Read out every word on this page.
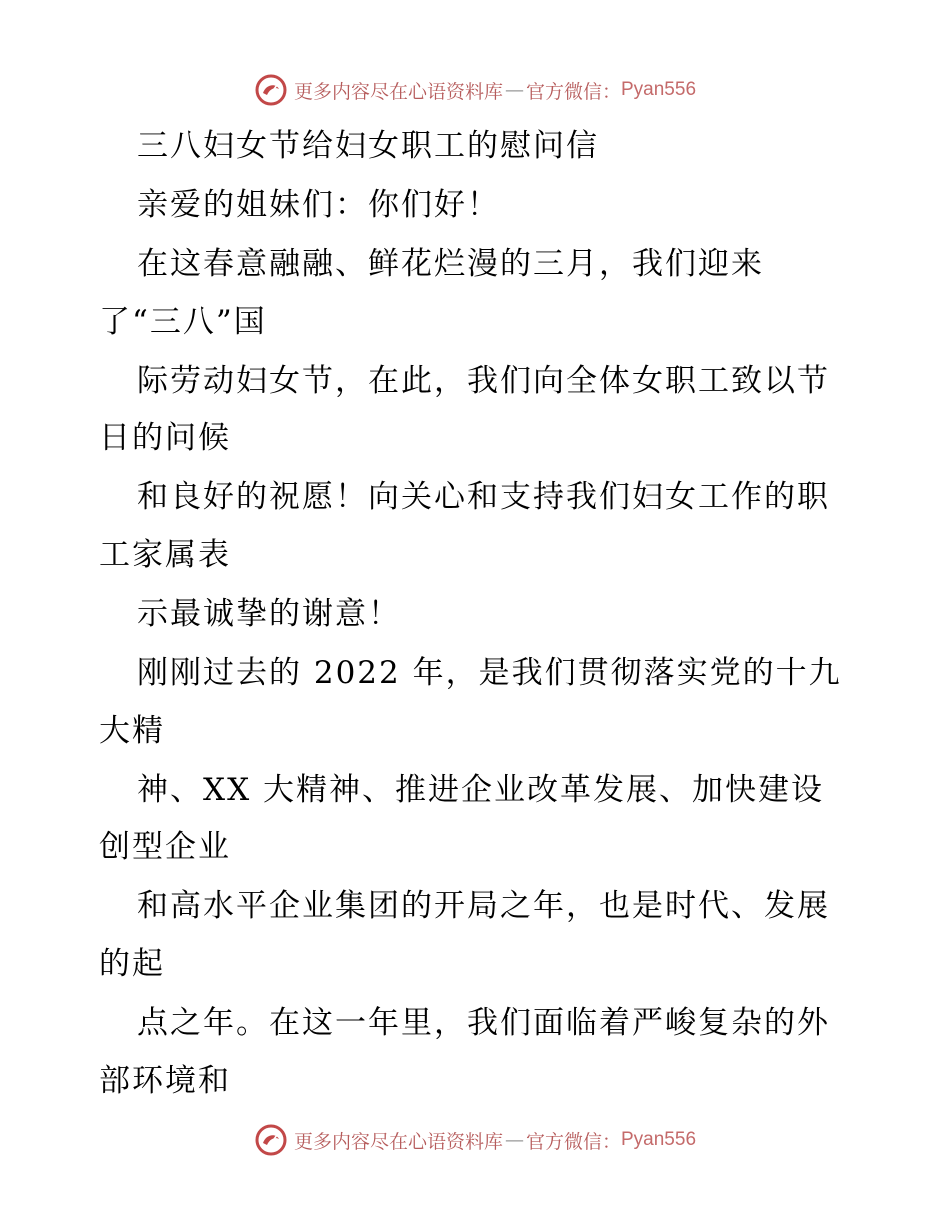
更多内容尽在心语资料库 — 官方微信： Pyan556

三八妇女节给妇女职工的慰问信

亲爱的姐妹们：你们好！

在这春意融融、鲜花烂漫的三月，我们迎来

了“三八”国

际劳动妇女节，在此，我们向全体女职工致以节

日的问候

和良好的祝愿！向关心和支持我们妇女工作的职

工家属表

示最诚挚的谢意！

刚刚过去的 2022 年，是我们贯彻落实党的十九

大精

神、XX 大精神、推进企业改革发展、加快建设

创型企业

和高水平企业集团的开局之年，也是时代、发展

的起

点之年。在这一年里，我们面临着严峻复杂的外

部环境和

更多内容尽在心语资料库 — 官方微信： Pyan556
